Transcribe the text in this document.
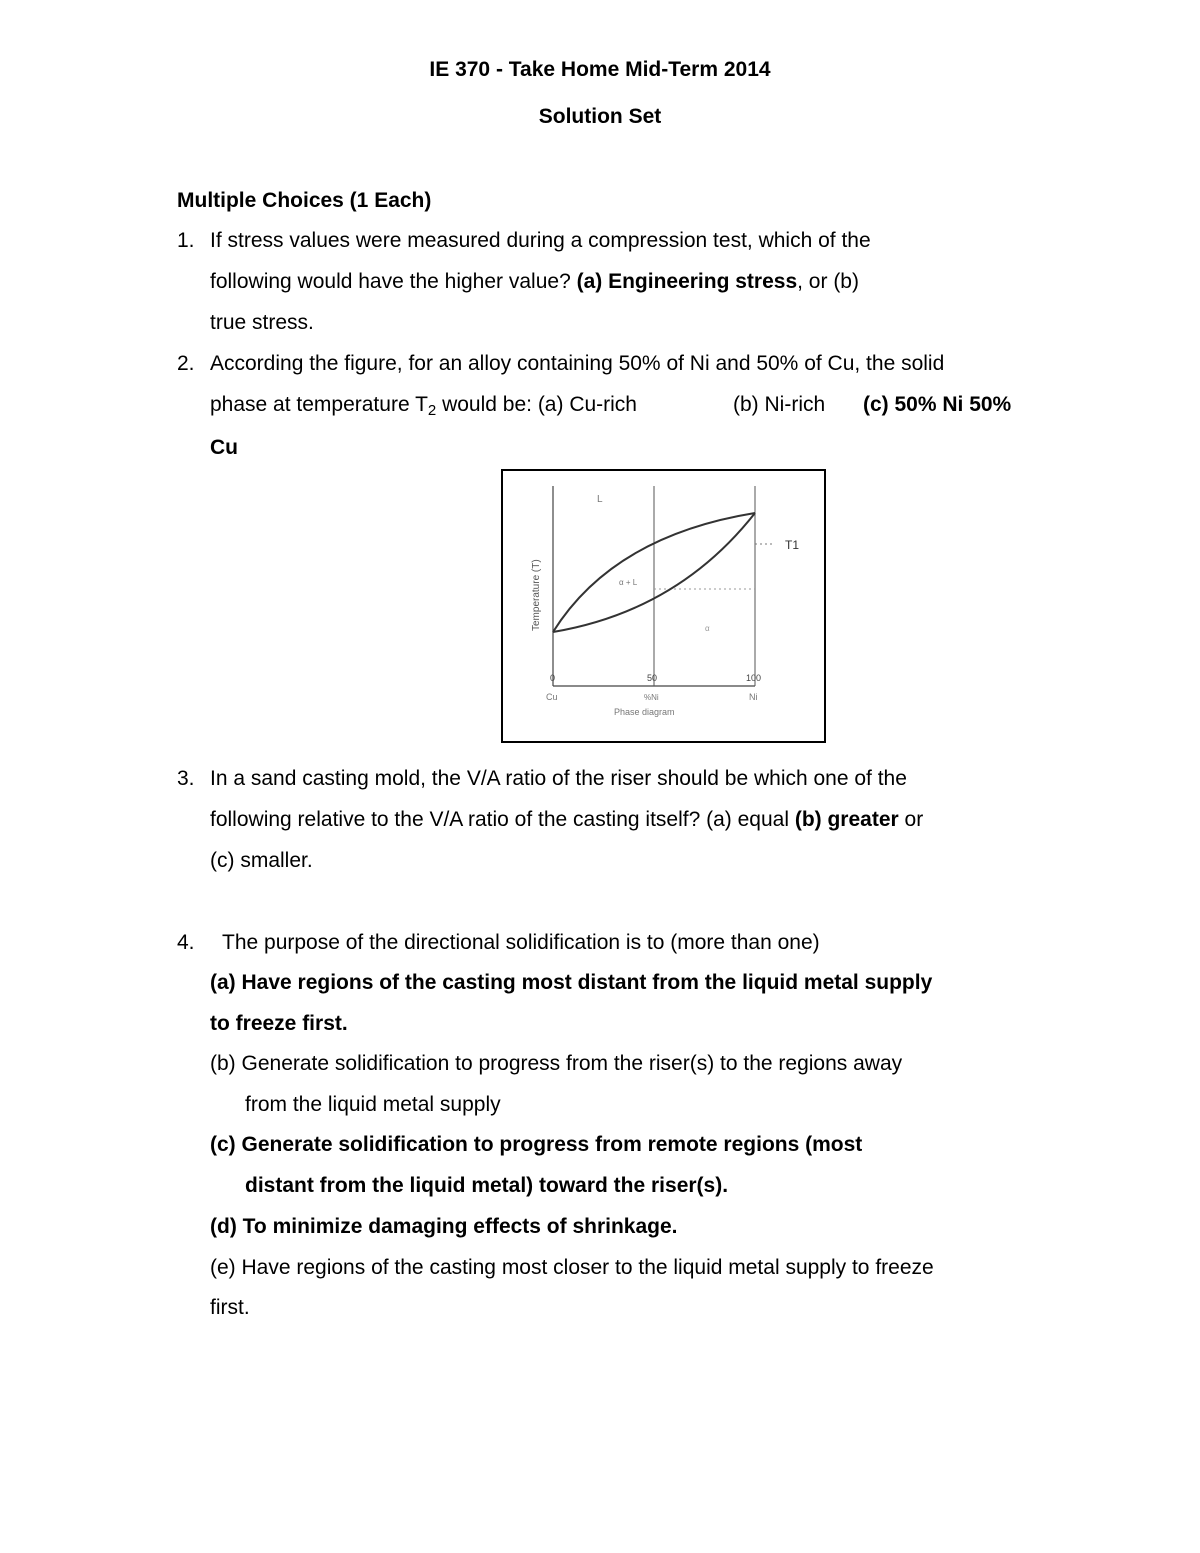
IE 370 - Take Home Mid-Term 2014
Solution Set
Multiple Choices (1 Each)
1. If stress values were measured during a compression test, which of the
following would have the higher value? (a) Engineering stress, or (b)
true stress.
2. According the figure, for an alloy containing 50% of Ni and 50% of Cu, the solid
phase at temperature T2 would be: (a) Cu-rich	(b) Ni-rich (c) 50% Ni 50%
Cu
L
α + L
α
T1
Temperature (T)
0	50	100
Cu	%Ni	Ni
Phase diagram
3. In a sand casting mold, the V/A ratio of the riser should be which one of the
following relative to the V/A ratio of the casting itself? (a) equal (b) greater or
(c) smaller.
4. The purpose of the directional solidification is to (more than one)
(a) Have regions of the casting most distant from the liquid metal supply
to freeze first.
(b) Generate solidification to progress from the riser(s) to the regions away
from the liquid metal supply
(c) Generate solidification to progress from remote regions (most
distant from the liquid metal) toward the riser(s).
(d) To minimize damaging effects of shrinkage.
(e) Have regions of the casting most closer to the liquid metal supply to freeze
first.
